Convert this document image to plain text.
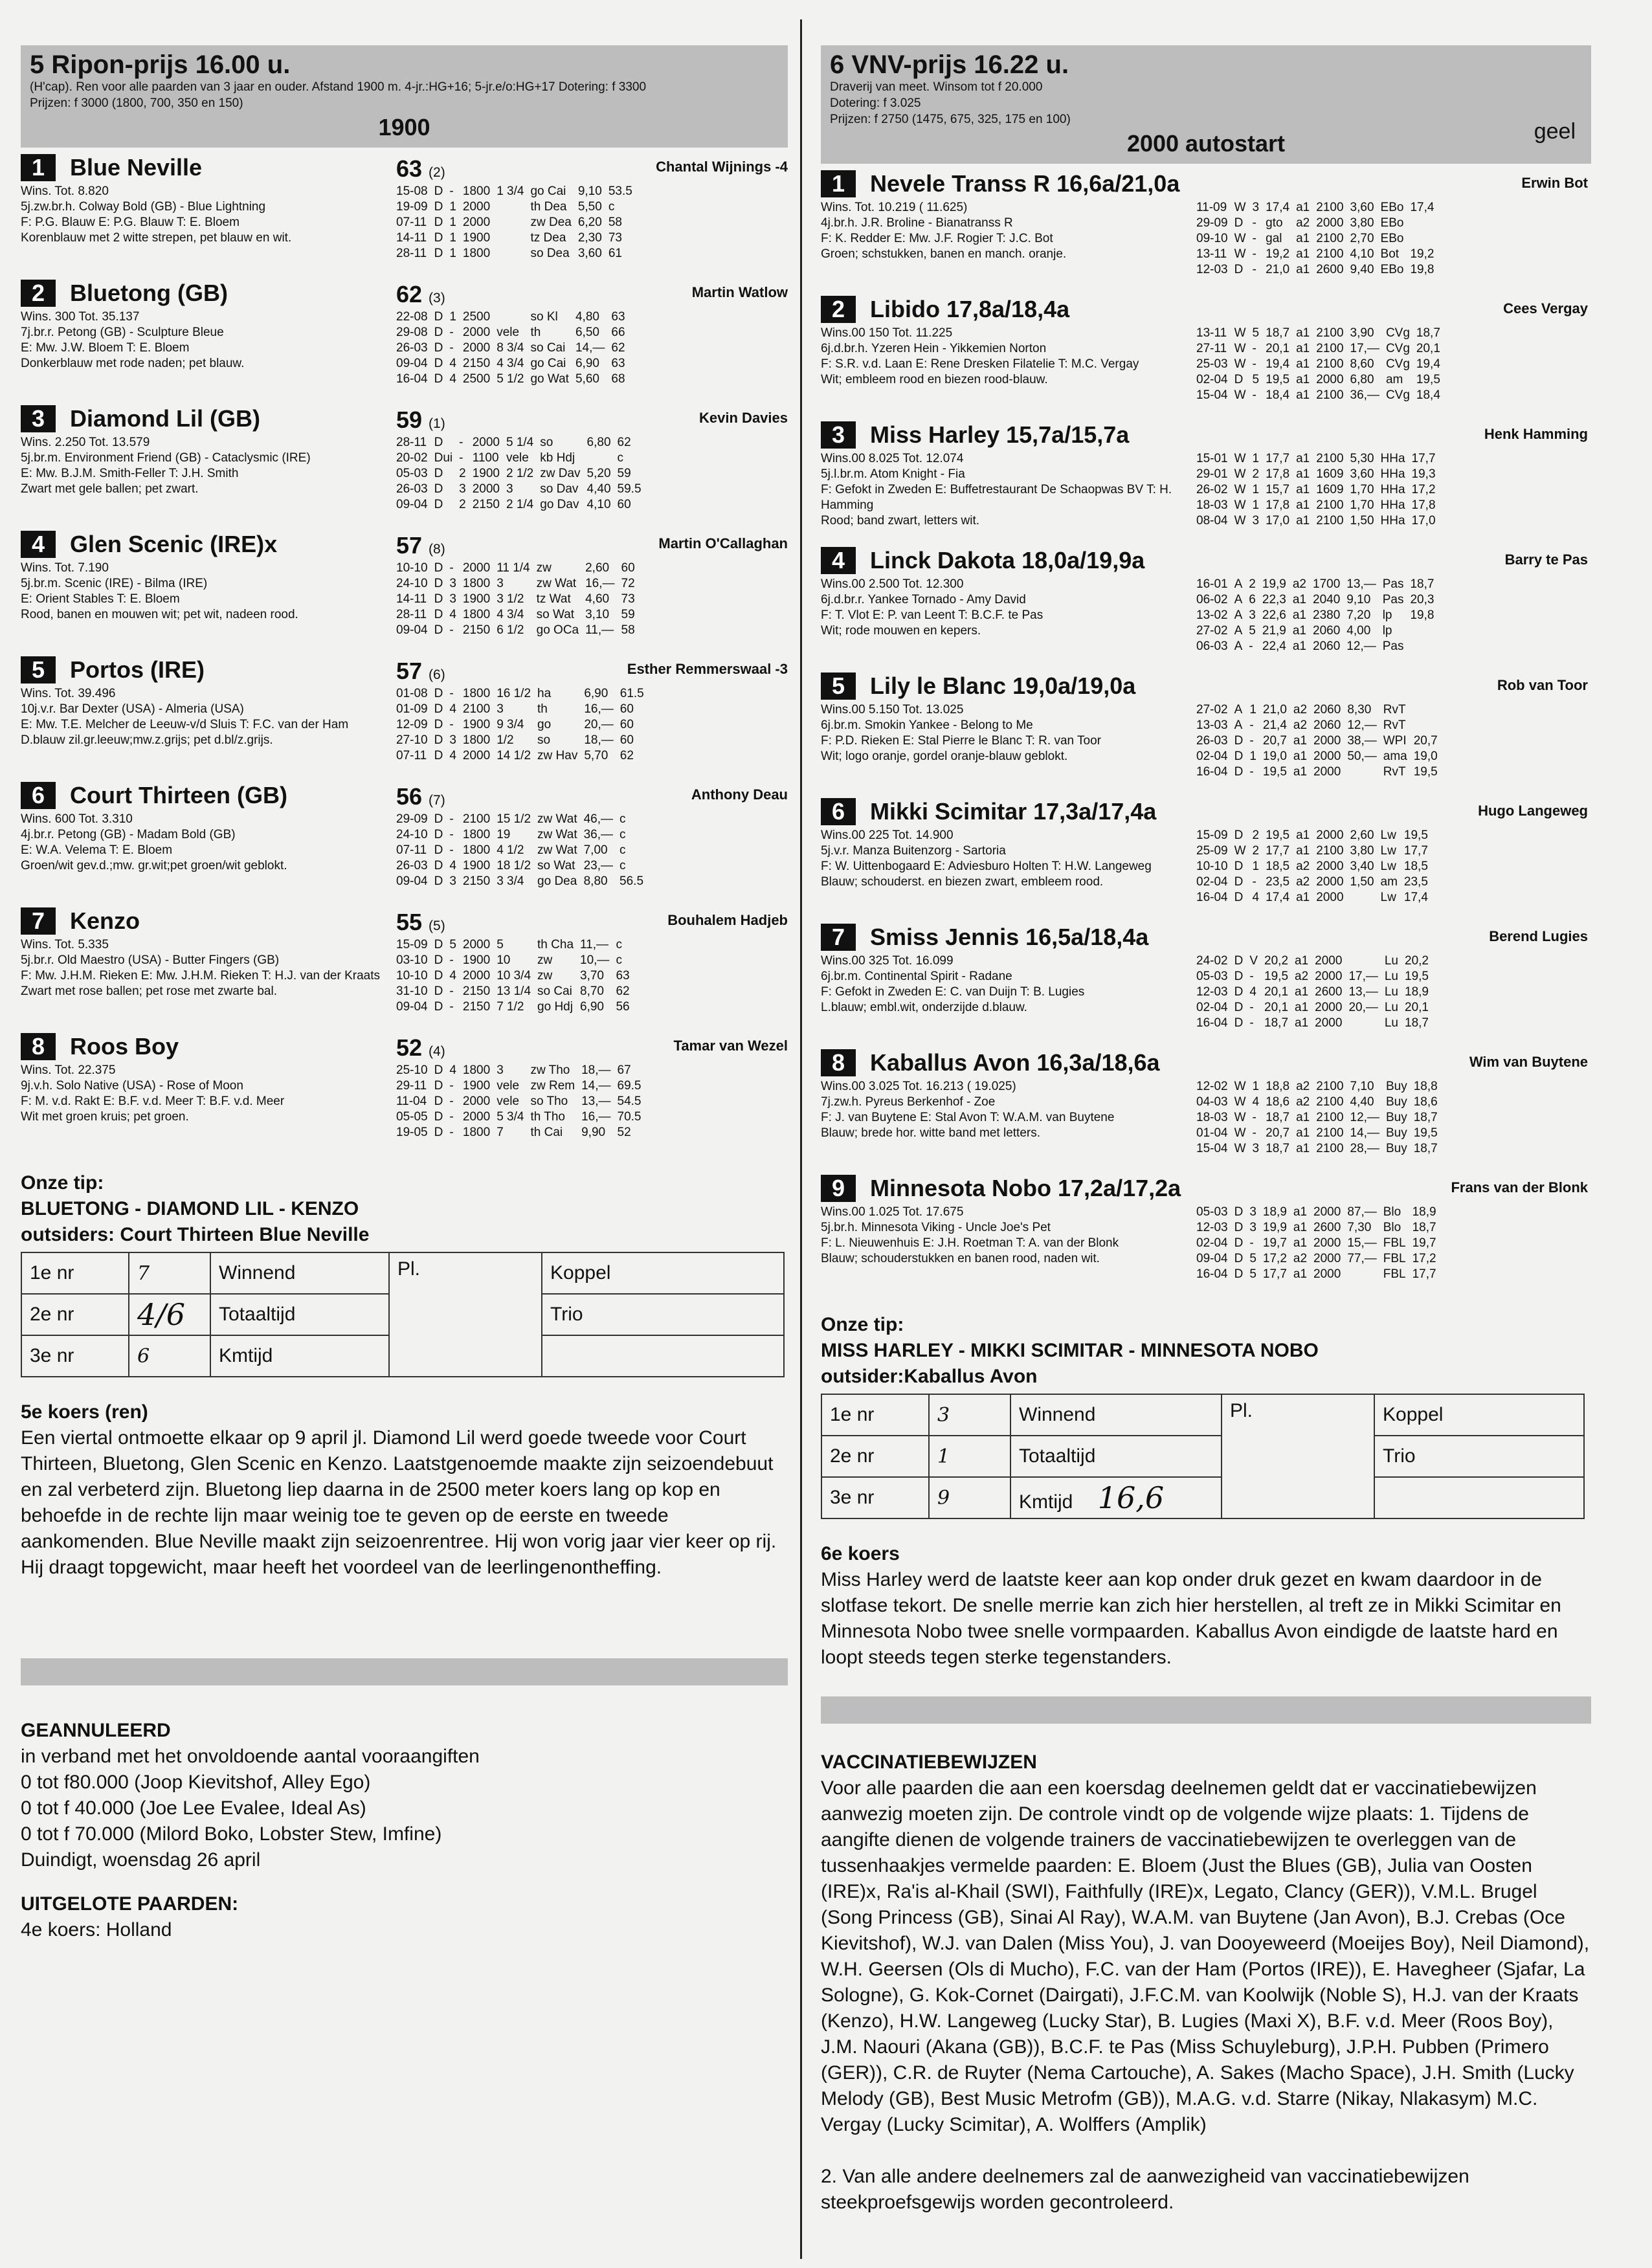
5 Ripon-prijs 16.00 u.
(H'cap). Ren voor alle paarden van 3 jaar en ouder. Afstand 1900 m. 4-jr.:HG+16; 5-jr.e/o:HG+17 Dotering: f 3300
Prijzen: f 3000 (1800, 700, 350 en 150)
1900
1	Blue Neville
Wins. Tot. 8.820
5j.zw.br.h. Colway Bold (GB) - Blue Lightning
F: P.G. Blauw E: P.G. Blauw T: E. Bloem
Korenblauw met 2 witte strepen, pet blauw en wit.
63 (2)	Chantal Wijnings -4
15-08	D	-	1800	1 3/4	go Cai	9,10	53.5
19-09	D	1	2000		th Dea	5,50	c
07-11	D	1	2000		zw Dea	6,20	58
14-11	D	1	1900		tz Dea	2,30	73
28-11	D	1	1800		so Dea	3,60	61
2	Bluetong (GB)
Wins. 300 Tot. 35.137
7j.br.r. Petong (GB) - Sculpture Bleue
E: Mw. J.W. Bloem T: E. Bloem
Donkerblauw met rode naden; pet blauw.
62 (3)	Martin Watlow
22-08	D	1	2500		so Kl	4,80	63
29-08	D	-	2000	vele	th	6,50	66
26-03	D	-	2000	8 3/4	so Cai	14,—	62
09-04	D	4	2150	4 3/4	go Cai	6,90	63
16-04	D	4	2500	5 1/2	go Wat	5,60	68
3	Diamond Lil (GB)
Wins. 2.250 Tot. 13.579
5j.br.m. Environment Friend (GB) - Cataclysmic (IRE)
E: Mw. B.J.M. Smith-Feller T: J.H. Smith
Zwart met gele ballen; pet zwart.
59 (1)	Kevin Davies
28-11	D	-	2000	5 1/4	so	6,80	62
20-02	Dui	-	1100	vele	kb Hdj		c
05-03	D	2	1900	2 1/2	zw Dav	5,20	59
26-03	D	3	2000	3	so Dav	4,40	59.5
09-04	D	2	2150	2 1/4	go Dav	4,10	60
4	Glen Scenic (IRE)x
Wins. Tot. 7.190
5j.br.m. Scenic (IRE) - Bilma (IRE)
E: Orient Stables T: E. Bloem
Rood, banen en mouwen wit; pet wit, nadeen rood.
57 (8)	Martin O'Callaghan
10-10	D	-	2000	11 1/4	zw	2,60	60
24-10	D	3	1800	3	zw Wat	16,—	72
14-11	D	3	1900	3 1/2	tz Wat	4,60	73
28-11	D	4	1800	4 3/4	so Wat	3,10	59
09-04	D	-	2150	6 1/2	go OCa	11,—	58
5	Portos (IRE)
Wins. Tot. 39.496
10j.v.r. Bar Dexter (USA) - Almeria (USA)
E: Mw. T.E. Melcher de Leeuw-v/d Sluis T: F.C. van der Ham
D.blauw zil.gr.leeuw;mw.z.grijs; pet d.bl/z.grijs.
57 (6)	Esther Remmerswaal -3
01-08	D	-	1800	16 1/2	ha	6,90	61.5
01-09	D	4	2100	3	th	16,—	60
12-09	D	-	1900	9 3/4	go	20,—	60
27-10	D	3	1800	1/2	so	18,—	60
07-11	D	4	2000	14 1/2	zw Hav	5,70	62
6	Court Thirteen (GB)
Wins. 600 Tot. 3.310
4j.br.r. Petong (GB) - Madam Bold (GB)
E: W.A. Velema T: E. Bloem
Groen/wit gev.d.;mw. gr.wit;pet groen/wit geblokt.
56 (7)	Anthony Deau
29-09	D	-	2100	15 1/2	zw Wat	46,—	c
24-10	D	-	1800	19	zw Wat	36,—	c
07-11	D	-	1800	4 1/2	zw Wat	7,00	c
26-03	D	4	1900	18 1/2	so Wat	23,—	c
09-04	D	3	2150	3 3/4	go Dea	8,80	56.5
7	Kenzo
Wins. Tot. 5.335
5j.br.r. Old Maestro (USA) - Butter Fingers (GB)
F: Mw. J.H.M. Rieken E: Mw. J.H.M. Rieken T: H.J. van der Kraats
Zwart met rose ballen; pet rose met zwarte bal.
55 (5)	Bouhalem Hadjeb
15-09	D	5	2000	5	th Cha	11,—	c
03-10	D	-	1900	10	zw	10,—	c
10-10	D	4	2000	10 3/4	zw	3,70	63
31-10	D	-	2150	13 1/4	so Cai	8,70	62
09-04	D	-	2150	7 1/2	go Hdj	6,90	56
8	Roos Boy
Wins. Tot. 22.375
9j.v.h. Solo Native (USA) - Rose of Moon
F: M. v.d. Rakt E: B.F. v.d. Meer T: B.F. v.d. Meer
Wit met groen kruis; pet groen.
52 (4)	Tamar van Wezel
25-10	D	4	1800	3	zw Tho	18,—	67
29-11	D	-	1900	vele	zw Rem	14,—	69.5
11-04	D	-	2000	vele	so Tho	13,—	54.5
05-05	D	-	2000	5 3/4	th Tho	16,—	70.5
19-05	D	-	1800	7	th Cai	9,90	52
Onze tip:
BLUETONG - DIAMOND LIL - KENZO
outsiders: Court Thirteen Blue Neville
1e nr	7	Winnend	Pl.	Koppel
2e nr	4/6	Totaaltijd		Trio
3e nr	6	Kmtijd		
5e koers (ren)
Een viertal ontmoette elkaar op 9 april jl. Diamond Lil werd goede tweede voor Court Thirteen, Bluetong, Glen Scenic en Kenzo. Laatstgenoemde maakte zijn seizoendebuut en zal verbeterd zijn. Bluetong liep daarna in de 2500 meter koers lang op kop en behoefde in de rechte lijn maar weinig toe te geven op de eerste en tweede aankomenden. Blue Neville maakt zijn seizoenrentree. Hij won vorig jaar vier keer op rij. Hij draagt topgewicht, maar heeft het voordeel van de leerlingenontheffing.
GEANNULEERD
in verband met het onvoldoende aantal vooraangiften
0 tot f80.000 (Joop Kievitshof, Alley Ego)
0 tot f 40.000 (Joe Lee Evalee, Ideal As)
0 tot f 70.000 (Milord Boko, Lobster Stew, Imfine)
Duindigt, woensdag 26 april
UITGELOTE PAARDEN:
4e koers: Holland
6 VNV-prijs 16.22 u.
Draverij van meet. Winsom tot f 20.000
Dotering: f 3.025
Prijzen: f 2750 (1475, 675, 325, 175 en 100)
2000 autostart	geel
1	Nevele Transs R 16,6a/21,0a
Wins. Tot. 10.219 ( 11.625)
4j.br.h. J.R. Broline - Bianatranss R
F: K. Redder E: Mw. J.F. Rogier T: J.C. Bot
Groen; schstukken, banen en manch. oranje.
Erwin Bot
11-09	W	3	17,4	a1	2100	3,60	EBo	17,4
29-09	D	-	gto	a2	2000	3,80	EBo	
09-10	W	-	gal	a1	2100	2,70	EBo	
13-11	W	-	19,2	a1	2100	4,10	Bot	19,2
12-03	D	-	21,0	a1	2600	9,40	EBo	19,8
2	Libido 17,8a/18,4a
Wins.00 150 Tot. 11.225
6j.d.br.h. Yzeren Hein - Yikkemien Norton
F: S.R. v.d. Laan E: Rene Dresken Filatelie T: M.C. Vergay
Wit; embleem rood en biezen rood-blauw.
Cees Vergay
13-11	W	5	18,7	a1	2100	3,90	CVg	18,7
27-11	W	-	20,1	a1	2100	17,—	CVg	20,1
25-03	W	-	19,4	a1	2100	8,60	CVg	19,4
02-04	D	5	19,5	a1	2000	6,80	am	19,5
15-04	W	-	18,4	a1	2100	36,—	CVg	18,4
3	Miss Harley 15,7a/15,7a
Wins.00 8.025 Tot. 12.074
5j.l.br.m. Atom Knight - Fia
F: Gefokt in Zweden E: Buffetrestaurant De Schaopwas BV T: H. Hamming
Rood; band zwart, letters wit.
Henk Hamming
15-01	W	1	17,7	a1	2100	5,30	HHa	17,7
29-01	W	2	17,8	a1	1609	3,60	HHa	19,3
26-02	W	1	15,7	a1	1609	1,70	HHa	17,2
18-03	W	1	17,8	a1	2100	1,70	HHa	17,8
08-04	W	3	17,0	a1	2100	1,50	HHa	17,0
4	Linck Dakota 18,0a/19,9a
Wins.00 2.500 Tot. 12.300
6j.d.br.r. Yankee Tornado - Amy David
F: T. Vlot E: P. van Leent T: B.C.F. te Pas
Wit; rode mouwen en kepers.
Barry te Pas
16-01	A	2	19,9	a2	1700	13,—	Pas	18,7
06-02	A	6	22,3	a1	2040	9,10	Pas	20,3
13-02	A	3	22,6	a1	2380	7,20	lp	19,8
27-02	A	5	21,9	a1	2060	4,00	lp	
06-03	A	-	22,4	a1	2060	12,—	Pas	
5	Lily le Blanc 19,0a/19,0a
Wins.00 5.150 Tot. 13.025
6j.br.m. Smokin Yankee - Belong to Me
F: P.D. Rieken E: Stal Pierre le Blanc T: R. van Toor
Wit; logo oranje, gordel oranje-blauw geblokt.
Rob van Toor
27-02	A	1	21,0	a2	2060	8,30	RvT	
13-03	A	-	21,4	a2	2060	12,—	RvT	
26-03	D	-	20,7	a1	2000	38,—	WPI	20,7
02-04	D	1	19,0	a1	2000	50,—	ama	19,0
16-04	D	-	19,5	a1	2000		RvT	19,5
6	Mikki Scimitar 17,3a/17,4a
Wins.00 225 Tot. 14.900
5j.v.r. Manza Buitenzorg - Sartoria
F: W. Uittenbogaard E: Adviesburo Holten T: H.W. Langeweg
Blauw; schouderst. en biezen zwart, embleem rood.
Hugo Langeweg
15-09	D	2	19,5	a1	2000	2,60	Lw	19,5
25-09	W	2	17,7	a1	2100	3,80	Lw	17,7
10-10	D	1	18,5	a2	2000	3,40	Lw	18,5
02-04	D	-	23,5	a2	2000	1,50	am	23,5
16-04	D	4	17,4	a1	2000		Lw	17,4
7	Smiss Jennis 16,5a/18,4a
Wins.00 325 Tot. 16.099
6j.br.m. Continental Spirit - Radane
F: Gefokt in Zweden E: C. van Duijn T: B. Lugies
L.blauw; embl.wit, onderzijde d.blauw.
Berend Lugies
24-02	D	V	20,2	a1	2000		Lu	20,2
05-03	D	-	19,5	a2	2000	17,—	Lu	19,5
12-03	D	4	20,1	a1	2600	13,—	Lu	18,9
02-04	D	-	20,1	a1	2000	20,—	Lu	20,1
16-04	D	-	18,7	a1	2000		Lu	18,7
8	Kaballus Avon 16,3a/18,6a
Wins.00 3.025 Tot. 16.213 ( 19.025)
7j.zw.h. Pyreus Berkenhof - Zoe
F: J. van Buytene E: Stal Avon T: W.A.M. van Buytene
Blauw; brede hor. witte band met letters.
Wim van Buytene
12-02	W	1	18,8	a2	2100	7,10	Buy	18,8
04-03	W	4	18,6	a2	2100	4,40	Buy	18,6
18-03	W	-	18,7	a1	2100	12,—	Buy	18,7
01-04	W	-	20,7	a1	2100	14,—	Buy	19,5
15-04	W	3	18,7	a1	2100	28,—	Buy	18,7
9	Minnesota Nobo 17,2a/17,2a
Wins.00 1.025 Tot. 17.675
5j.br.h. Minnesota Viking - Uncle Joe's Pet
F: L. Nieuwenhuis E: J.H. Roetman T: A. van der Blonk
Blauw; schouderstukken en banen rood, naden wit.
Frans van der Blonk
05-03	D	3	18,9	a1	2000	87,—	Blo	18,9
12-03	D	3	19,9	a1	2600	7,30	Blo	18,7
02-04	D	-	19,7	a1	2000	15,—	FBL	19,7
09-04	D	5	17,2	a2	2000	77,—	FBL	17,2
16-04	D	5	17,7	a1	2000		FBL	17,7
Onze tip:
MISS HARLEY - MIKKI SCIMITAR - MINNESOTA NOBO
outsider:Kaballus Avon
1e nr	3	Winnend	Pl.	Koppel
2e nr	1	Totaaltijd		Trio
3e nr	9	Kmtijd 16,6		
6e koers
Miss Harley werd de laatste keer aan kop onder druk gezet en kwam daardoor in de slotfase tekort. De snelle merrie kan zich hier herstellen, al treft ze in Mikki Scimitar en Minnesota Nobo twee snelle vormpaarden. Kaballus Avon eindigde de laatste hard en loopt steeds tegen sterke tegenstanders.
VACCINATIEBEWIJZEN
Voor alle paarden die aan een koersdag deelnemen geldt dat er vaccinatiebewijzen aanwezig moeten zijn. De controle vindt op de volgende wijze plaats: 1. Tijdens de aangifte dienen de volgende trainers de vaccinatiebewijzen te overleggen van de tussenhaakjes vermelde paarden: E. Bloem (Just the Blues (GB), Julia van Oosten (IRE)x, Ra'is al-Khail (SWI), Faithfully (IRE)x, Legato, Clancy (GER)), V.M.L. Brugel (Song Princess (GB), Sinai Al Ray), W.A.M. van Buytene (Jan Avon), B.J. Crebas (Oce Kievitshof), W.J. van Dalen (Miss You), J. van Dooyeweerd (Moeijes Boy), Neil Diamond), W.H. Geersen (Ols di Mucho), F.C. van der Ham (Portos (IRE)), E. Havegheer (Sjafar, La Sologne), G. Kok-Cornet (Dairgati), J.F.C.M. van Koolwijk (Noble S), H.J. van der Kraats (Kenzo), H.W. Langeweg (Lucky Star), B. Lugies (Maxi X), B.F. v.d. Meer (Roos Boy), J.M. Naouri (Akana (GB)), B.C.F. te Pas (Miss Schuyleburg), J.P.H. Pubben (Primero (GER)), C.R. de Ruyter (Nema Cartouche), A. Sakes (Macho Space), J.H. Smith (Lucky Melody (GB), Best Music Metrofm (GB)), M.A.G. v.d. Starre (Nikay, Nlakasym) M.C. Vergay (Lucky Scimitar), A. Wolffers (Amplik)
2. Van alle andere deelnemers zal de aanwezigheid van vaccinatiebewijzen steekproefsgewijs worden gecontroleerd.
